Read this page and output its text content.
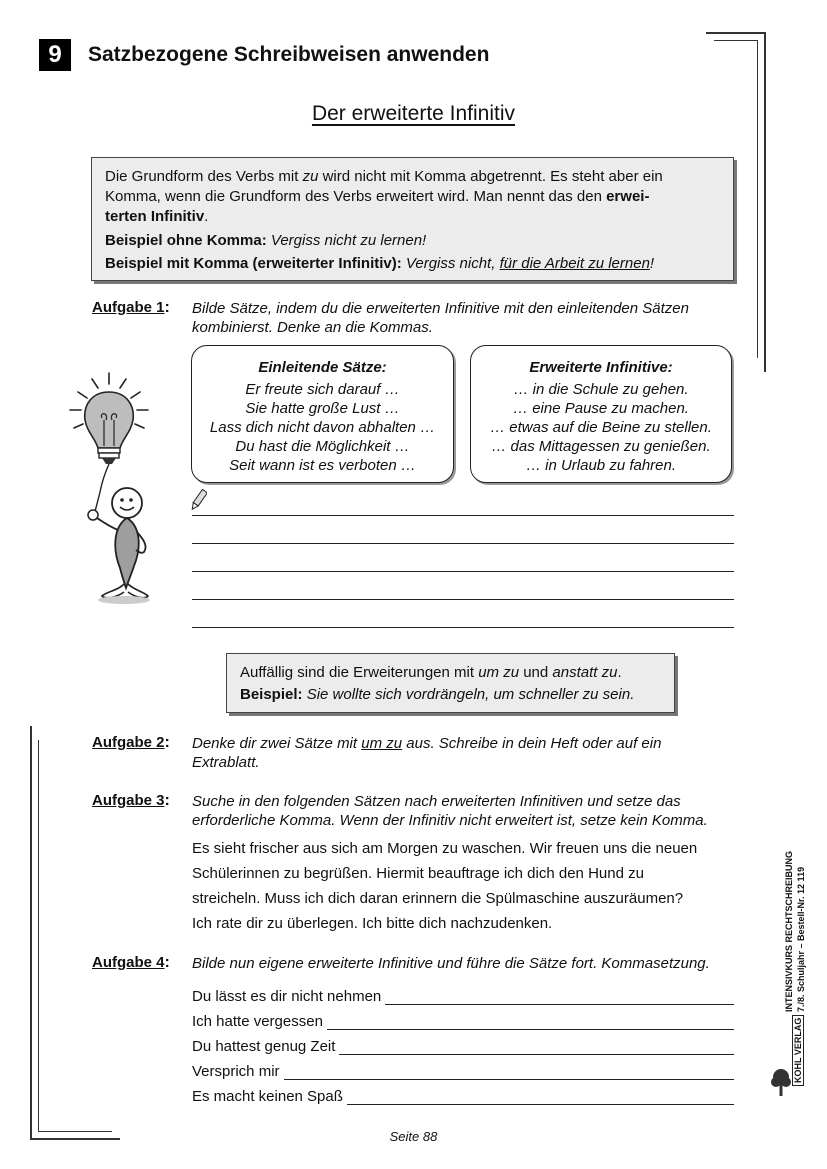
9	Satzbezogene Schreibweisen anwenden
Der erweiterte Infinitiv

Die Grundform des Verbs mit zu wird nicht mit Komma abgetrennt. Es steht aber ein

Komma, wenn die Grundform des Verbs erweitert wird. Man nennt das den erwei-

terten Infinitiv.

Beispiel ohne Komma: Vergiss nicht zu lernen!

Beispiel mit Komma (erweiterter Infinitiv): Vergiss nicht, für die Arbeit zu lernen!

Aufgabe 1: Bilde Sätze, indem du die erweiterten Infinitive mit den einleitenden Sätzen
kombinierst. Denke an die Kommas.
Einleitende Sätze:
Er freute sich darauf …
Sie hatte große Lust …
Lass dich nicht davon abhalten …
Du hast die Möglichkeit …
Seit wann ist es verboten …
Erweiterte Infinitive:
… in die Schule zu gehen.
… eine Pause zu machen.
… etwas auf die Beine zu stellen.
… das Mittagessen zu genießen.
… in Urlaub zu fahren.

Auffällig sind die Erweiterungen mit um zu und anstatt zu.

Beispiel: Sie wollte sich vordrängeln, um schneller zu sein.

Aufgabe 2: Denke dir zwei Sätze mit um zu aus. Schreibe in dein Heft oder auf ein
Extrablatt.
Aufgabe 3: Suche in den folgenden Sätzen nach erweiterten Infinitiven und setze das
erforderliche Komma. Wenn der Infinitiv nicht erweitert ist, setze kein Komma.
Es sieht frischer aus sich am Morgen zu waschen. Wir freuen uns die neuen
Schülerinnen zu begrüßen. Hiermit beauftrage ich dich den Hund zu
streicheln. Muss ich dich daran erinnern die Spülmaschine auszuräumen?
Ich rate dir zu überlegen. Ich bitte dich nachzudenken.
Aufgabe 4: Bilde nun eigene erweiterte Infinitive und führe die Sätze fort. Kommasetzung.
Du lässt es dir nicht nehmen
Ich hatte vergessen
Du hattest genug Zeit
Versprich mir
Es macht keinen Spaß
INTENSIVKURS RECHTSCHREIBUNG 7./8. Schuljahr – Bestell-Nr. 12 119
KOHL VERLAG
Seite 88
